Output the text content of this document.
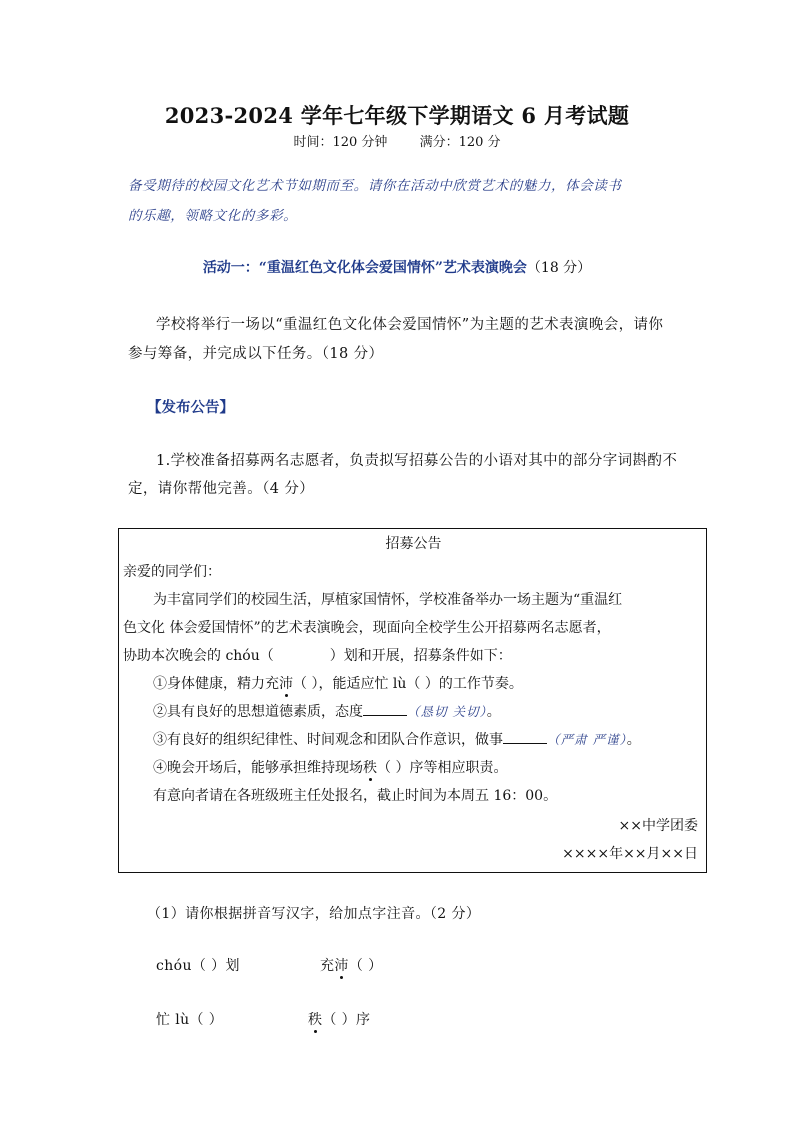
2023-2024 学年七年级下学期语文 6 月考试题
时间：120 分钟 满分：120 分
备受期待的校园文化艺术节如期而至。请你在活动中欣赏艺术的魅力，体会读书
的乐趣，领略文化的多彩。
活动一：“重温红色文化体会爱国情怀”艺术表演晚会（18 分）
学校将举行一场以“重温红色文化体会爱国情怀”为主题的艺术表演晚会，请你
参与筹备，并完成以下任务。（18 分）
【发布公告】
1.学校准备招募两名志愿者，负责拟写招募公告的小语对其中的部分字词斟酌不
定，请你帮他完善。（4 分）
招募公告
亲爱的同学们：
为丰富同学们的校园生活，厚植家国情怀，学校准备举办一场主题为“重温红
色文化 体会爱国情怀”的艺术表演晚会，现面向全校学生公开招募两名志愿者，
协助本次晚会的 chóu（	）划和开展，招募条件如下：
①身体健康，精力充沛（ ），能适应忙 lù（ ）的工作节奏。
②具有良好的思想道德素质，态度	（恳切 关切）。
③有良好的组织纪律性、时间观念和团队合作意识，做事	（严肃 严谨）。
④晚会开场后，能够承担维持现场秩（ ）序等相应职责。
有意向者请在各班级班主任处报名，截止时间为本周五 16：00。
××中学团委
××××年××月××日
（1）请你根据拼音写汉字，给加点字注音。（2 分）
chóu（ ）划	充沛（ ）
忙 lù（ ）	秩（ ）序
